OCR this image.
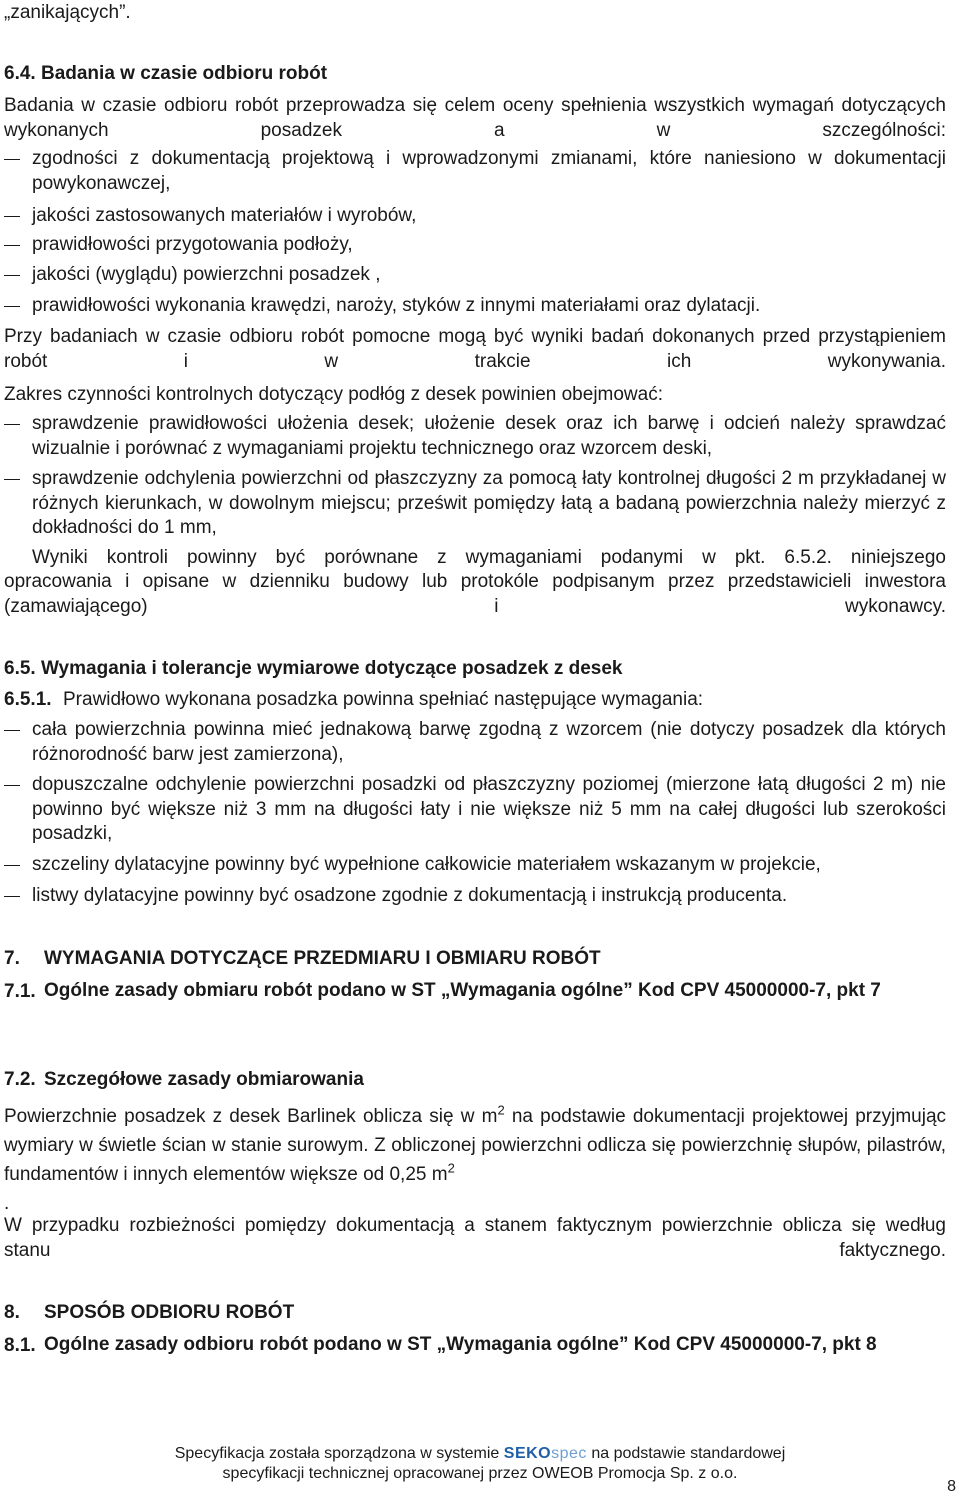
„zanikających”.
6.4. Badania w czasie odbioru robót
Badania w czasie odbioru robót przeprowadza się celem oceny spełnienia wszystkich wymagań dotyczących wykonanych posadzek a w szczególności:
zgodności z dokumentacją projektową i wprowadzonymi zmianami, które naniesiono w dokumentacji powykonawczej,
jakości zastosowanych materiałów i wyrobów,
prawidłowości przygotowania podłoży,
jakości (wyglądu) powierzchni posadzek ,
prawidłowości wykonania krawędzi, naroży, styków z innymi materiałami oraz dylatacji.
Przy badaniach w czasie odbioru robót pomocne mogą być wyniki badań dokonanych przed przystąpieniem robót i w trakcie ich wykonywania.
Zakres czynności kontrolnych dotyczący podłóg z desek powinien obejmować:
sprawdzenie prawidłowości ułożenia desek; ułożenie desek oraz ich barwę i odcień należy sprawdzać wizualnie i porównać z wymaganiami projektu technicznego oraz wzorcem deski,
sprawdzenie odchylenia powierzchni od płaszczyzny za pomocą łaty kontrolnej długości 2 m przykładanej w różnych kierunkach, w dowolnym miejscu; prześwit pomiędzy łatą a badaną powierzchnia należy mierzyć z dokładności do 1 mm,
Wyniki kontroli powinny być porównane z wymaganiami podanymi w pkt. 6.5.2. niniejszego
opracowania i opisane w dzienniku budowy lub protokóle podpisanym przez przedstawicieli inwestora (zamawiającego) i wykonawcy.
6.5. Wymagania i tolerancje wymiarowe dotyczące posadzek z desek
6.5.1. Prawidłowo wykonana posadzka powinna spełniać następujące wymagania:
cała powierzchnia powinna mieć jednakową barwę zgodną z wzorcem (nie dotyczy posadzek dla których różnorodność barw jest zamierzona),
dopuszczalne odchylenie powierzchni posadzki od płaszczyzny poziomej (mierzone łatą długości 2 m) nie powinno być większe niż 3 mm na długości łaty i nie większe niż 5 mm na całej długości lub szerokości posadzki,
szczeliny dylatacyjne powinny być wypełnione całkowicie materiałem wskazanym w projekcie,
listwy dylatacyjne powinny być osadzone zgodnie z dokumentacją i instrukcją producenta.
7. WYMAGANIA DOTYCZĄCE PRZEDMIARU I OBMIARU ROBÓT
7.1. Ogólne zasady obmiaru robót podano w ST „Wymagania ogólne” Kod CPV 45000000-7, pkt 7
7.2. Szczegółowe zasady obmiarowania
Powierzchnie posadzek z desek Barlinek oblicza się w $m^2$ na podstawie dokumentacji projektowej przyjmując wymiary w świetle ścian w stanie surowym. Z obliczonej powierzchni odlicza się powierzchnię słupów, pilastrów, fundamentów i innych elementów większe od 0,25 $m^2$
.
W przypadku rozbieżności pomiędzy dokumentacją a stanem faktycznym powierzchnie oblicza się według stanu faktycznego.
8. SPOSÓB ODBIORU ROBÓT
8.1. Ogólne zasady odbioru robót podano w ST „Wymagania ogólne” Kod CPV 45000000-7, pkt 8
Specyfikacja została sporządzona w systemie SEKOspec na podstawie standardowej
specyfikacji technicznej opracowanej przez OWEOB Promocja Sp. z o.o.
8
